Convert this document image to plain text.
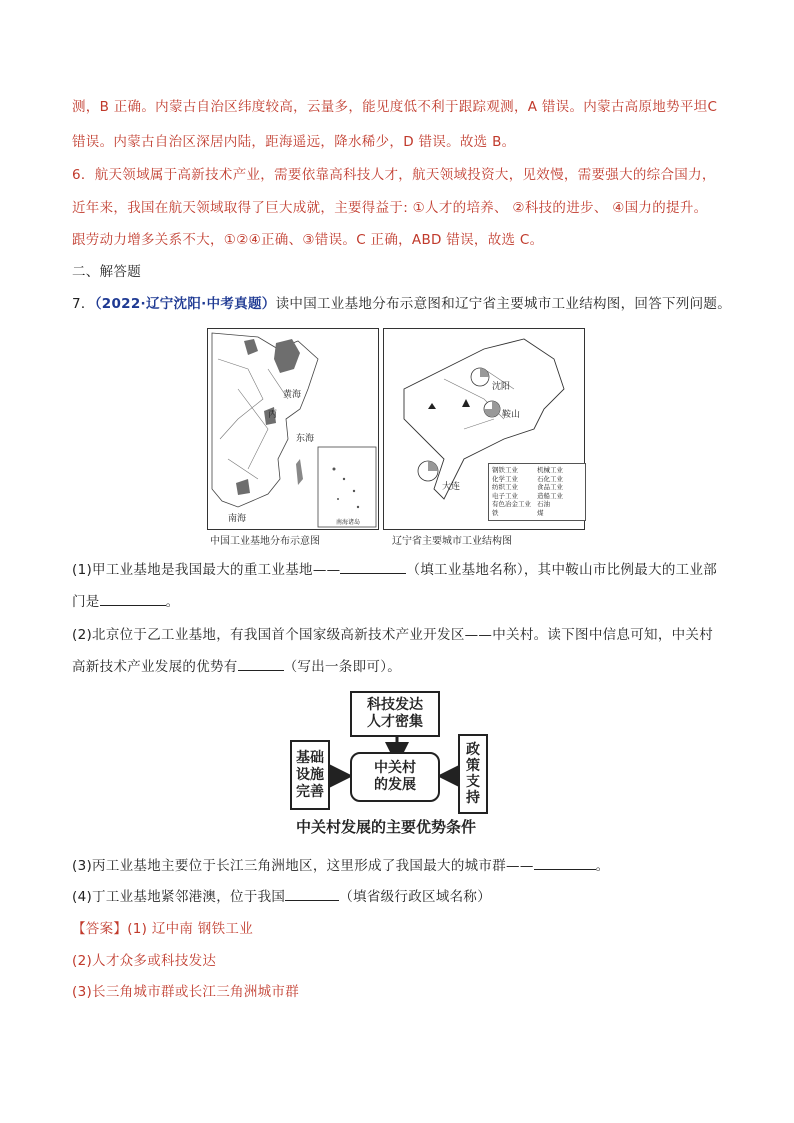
测，B 正确。内蒙古自治区纬度较高，云量多，能见度低不利于跟踪观测，A 错误。内蒙古高原地势平坦C
错误。内蒙古自治区深居内陆，距海遥远，降水稀少，D 错误。故选 B。
6．航天领域属于高新技术产业，需要依靠高科技人才，航天领域投资大，见效慢，需要强大的综合国力，
近年来，我国在航天领域取得了巨大成就，主要得益于: ①人才的培养、 ②科技的进步、 ④国力的提升。
跟劳动力增多关系不大，①②④正确、③错误。C 正确，ABD 错误，故选 C。
二、解答题
7．（2022·辽宁沈阳·中考真题）读中国工业基地分布示意图和辽宁省主要城市工业结构图，回答下列问题。
黄海
丙
东海
南海	南海诸岛
中国工业基地分布示意图
沈阳
鞍山
大连
钢铁工业	机械工业
化学工业	石化工业
纺织工业	食品工业
电子工业	造船工业
有色冶金工业 石油
铁	煤
辽宁省主要城市工业结构图
(1)甲工业基地是我国最大的重工业基地——	（填工业基地名称），其中鞍山市比例最大的工业部
门是	。
(2)北京位于乙工业基地，有我国首个国家级高新技术产业开发区——中关村。读下图中信息可知，中关村
高新技术产业发展的优势有	（写出一条即可）。
科技发达
人才密集
基础
设施
完善
中关村
的发展
政
策
支
持
中关村发展的主要优势条件
(3)丙工业基地主要位于长江三角洲地区，这里形成了我国最大的城市群——	。
(4)丁工业基地紧邻港澳，位于我国	（填省级行政区域名称）
【答案】(1) 辽中南 钢铁工业
(2)人才众多或科技发达
(3)长三角城市群或长江三角洲城市群
